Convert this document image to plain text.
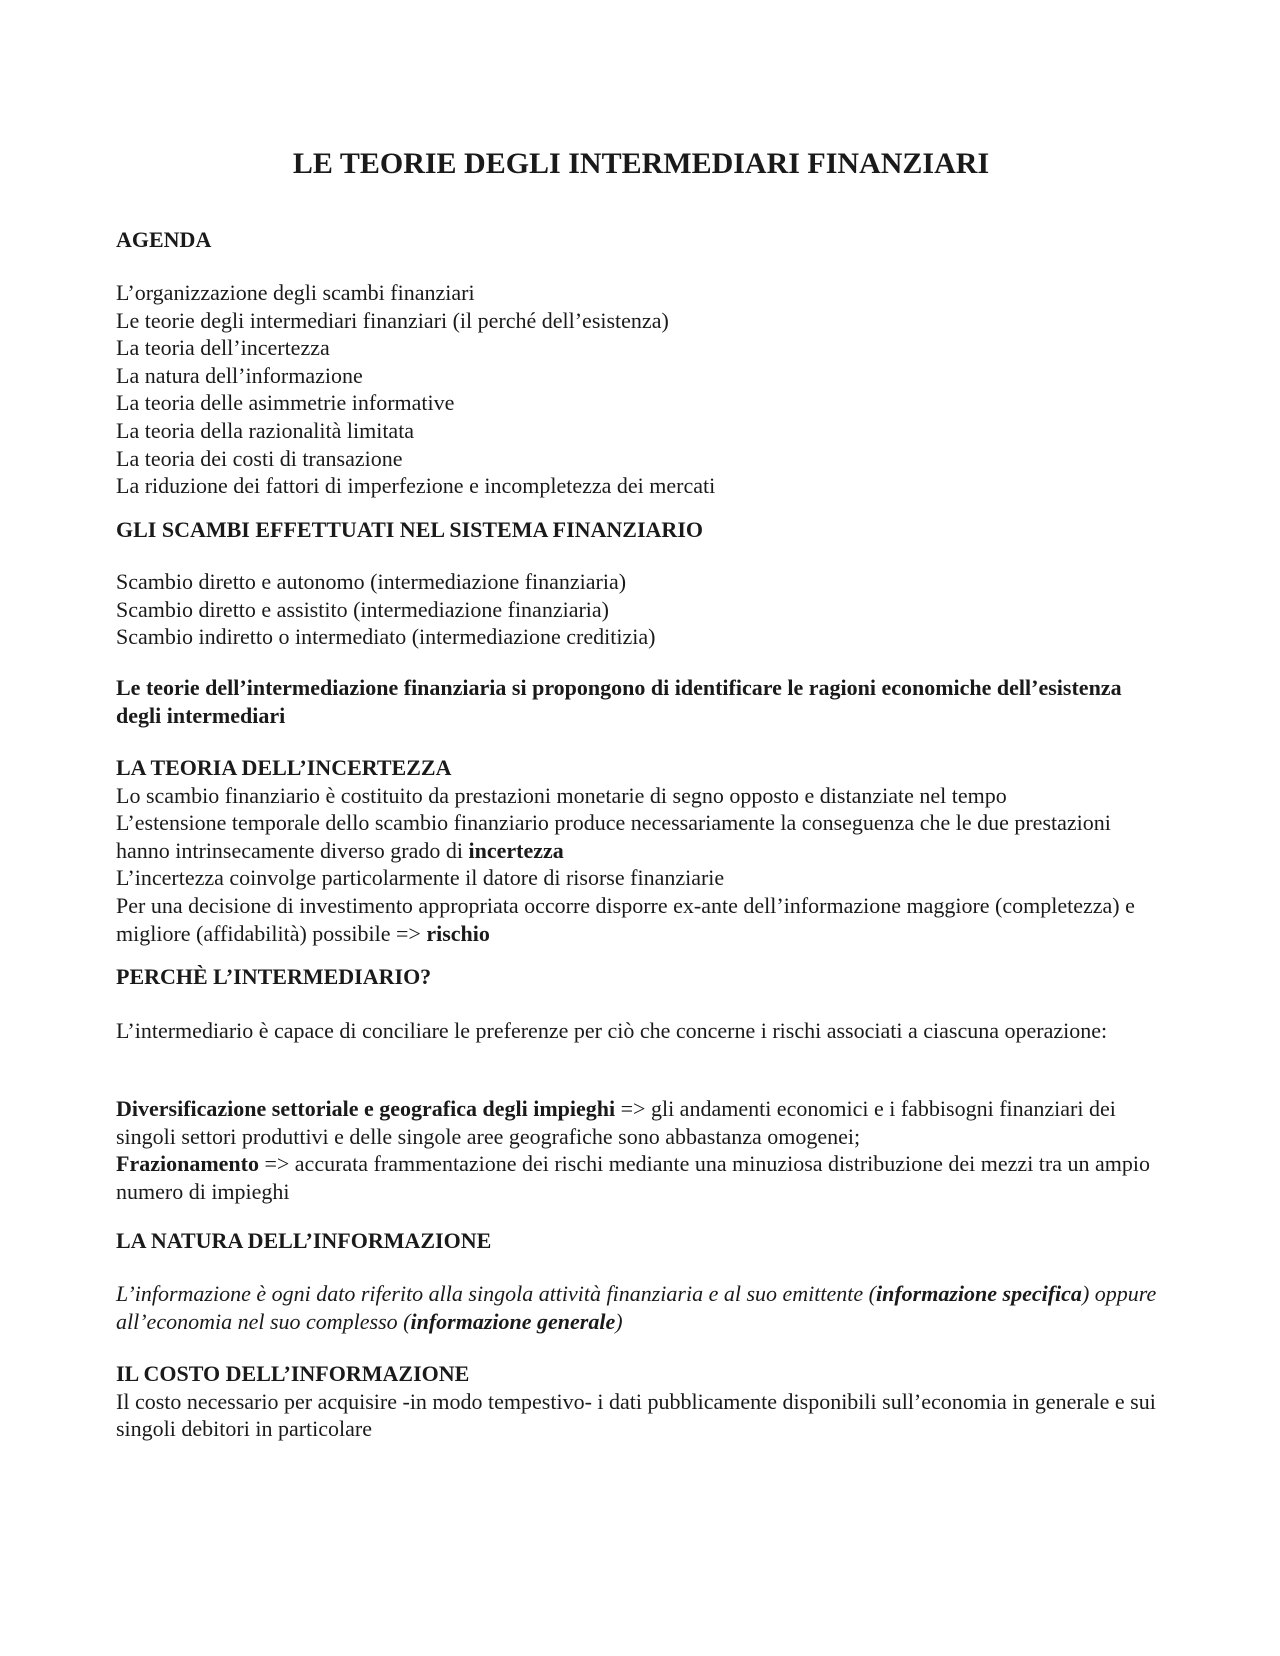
LE TEORIE DEGLI INTERMEDIARI FINANZIARI
AGENDA
L’organizzazione degli scambi finanziari
Le teorie degli intermediari finanziari (il perché dell’esistenza)
La teoria dell’incertezza
La natura dell’informazione
La teoria delle asimmetrie informative
La teoria della razionalità limitata
La teoria dei costi di transazione
La riduzione dei fattori di imperfezione e incompletezza dei mercati
GLI SCAMBI EFFETTUATI NEL SISTEMA FINANZIARIO
Scambio diretto e autonomo (intermediazione finanziaria)
Scambio diretto e assistito (intermediazione finanziaria)
Scambio indiretto o intermediato (intermediazione creditizia)
Le teorie dell’intermediazione finanziaria si propongono di identificare le ragioni economiche dell’esistenza degli intermediari
LA TEORIA DELL’INCERTEZZA
Lo scambio finanziario è costituito da prestazioni monetarie di segno opposto e distanziate nel tempo
L’estensione temporale dello scambio finanziario produce necessariamente la conseguenza che le due prestazioni hanno intrinsecamente diverso grado di incertezza
L’incertezza coinvolge particolarmente il datore di risorse finanziarie
Per una decisione di investimento appropriata occorre disporre ex-ante dell’informazione maggiore (completezza) e migliore (affidabilità) possibile => rischio
PERCHÈ L’INTERMEDIARIO?
L’intermediario è capace di conciliare le preferenze per ciò che concerne i rischi associati a ciascuna operazione:
Diversificazione settoriale e geografica degli impieghi => gli andamenti economici e i fabbisogni finanziari dei singoli settori produttivi e delle singole aree geografiche sono abbastanza omogenei;
Frazionamento => accurata frammentazione dei rischi mediante una minuziosa distribuzione dei mezzi tra un ampio numero di impieghi
LA NATURA DELL’INFORMAZIONE
L’informazione è ogni dato riferito alla singola attività finanziaria e al suo emittente (informazione specifica) oppure all’economia nel suo complesso (informazione generale)
IL COSTO DELL’INFORMAZIONE
Il costo necessario per acquisire -in modo tempestivo- i dati pubblicamente disponibili sull’economia in generale e sui singoli debitori in particolare
